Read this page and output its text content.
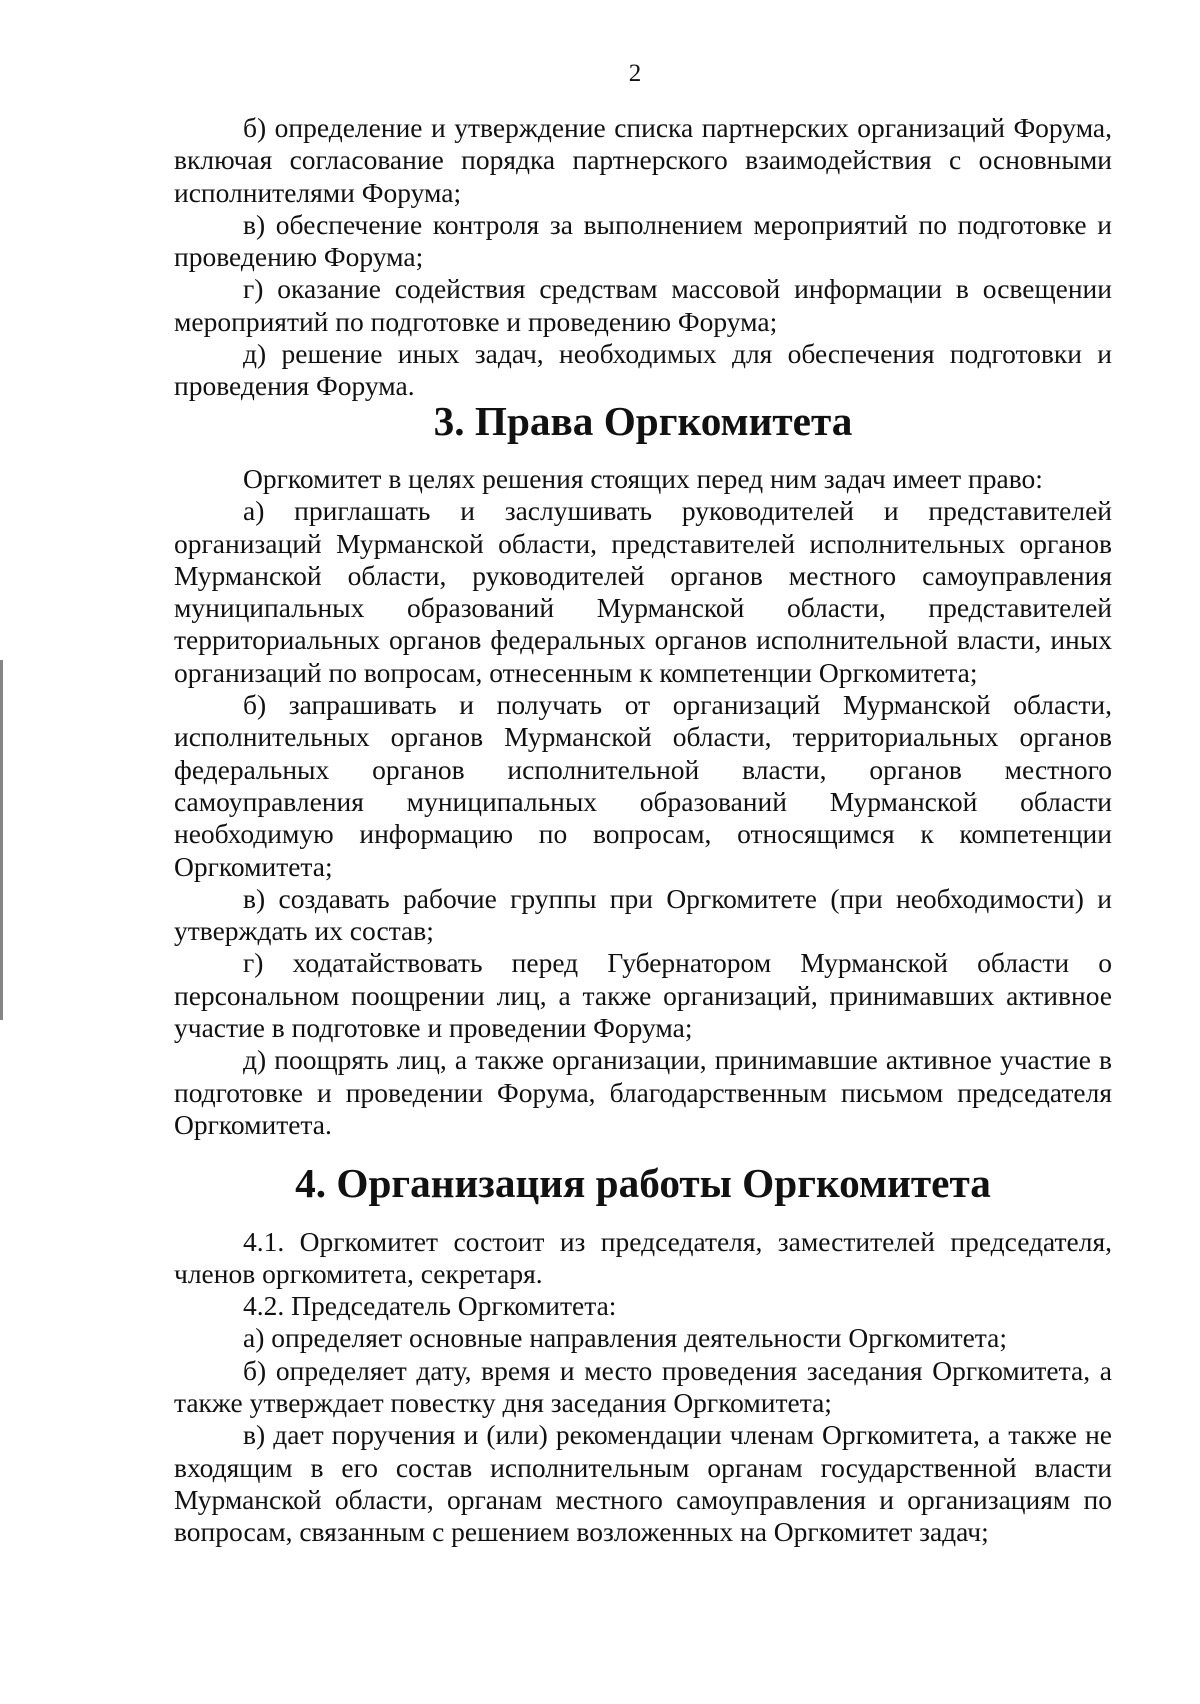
2

б) определение и утверждение списка партнерских организаций Форума, включая согласование порядка партнерского взаимодействия с основными исполнителями Форума;

в) обеспечение контроля за выполнением мероприятий по подготовке и проведению Форума;

г) оказание содействия средствам массовой информации в освещении мероприятий по подготовке и проведению Форума;

д) решение иных задач, необходимых для обеспечения подготовки и проведения Форума.

3. Права Оргкомитета

Оргкомитет в целях решения стоящих перед ним задач имеет право:

а) приглашать и заслушивать руководителей и представителей организаций Мурманской области, представителей исполнительных органов Мурманской области, руководителей органов местного самоуправления муниципальных образований Мурманской области, представителей территориальных органов федеральных органов исполнительной власти, иных организаций по вопросам, отнесенным к компетенции Оргкомитета;

б) запрашивать и получать от организаций Мурманской области, исполнительных органов Мурманской области, территориальных органов федеральных органов исполнительной власти, органов местного самоуправления муниципальных образований Мурманской области необходимую информацию по вопросам, относящимся к компетенции Оргкомитета;

в) создавать рабочие группы при Оргкомитете (при необходимости) и утверждать их состав;

г) ходатайствовать перед Губернатором Мурманской области о персональном поощрении лиц, а также организаций, принимавших активное участие в подготовке и проведении Форума;

д) поощрять лиц, а также организации, принимавшие активное участие в подготовке и проведении Форума, благодарственным письмом председателя Оргкомитета.

4. Организация работы Оргкомитета

4.1. Оргкомитет состоит из председателя, заместителей председателя, членов оргкомитета, секретаря.

4.2. Председатель Оргкомитета:

а) определяет основные направления деятельности Оргкомитета;

б) определяет дату, время и место проведения заседания Оргкомитета, а также утверждает повестку дня заседания Оргкомитета;

в) дает поручения и (или) рекомендации членам Оргкомитета, а также не входящим в его состав исполнительным органам государственной власти Мурманской области, органам местного самоуправления и организациям по вопросам, связанным с решением возложенных на Оргкомитет задач;
